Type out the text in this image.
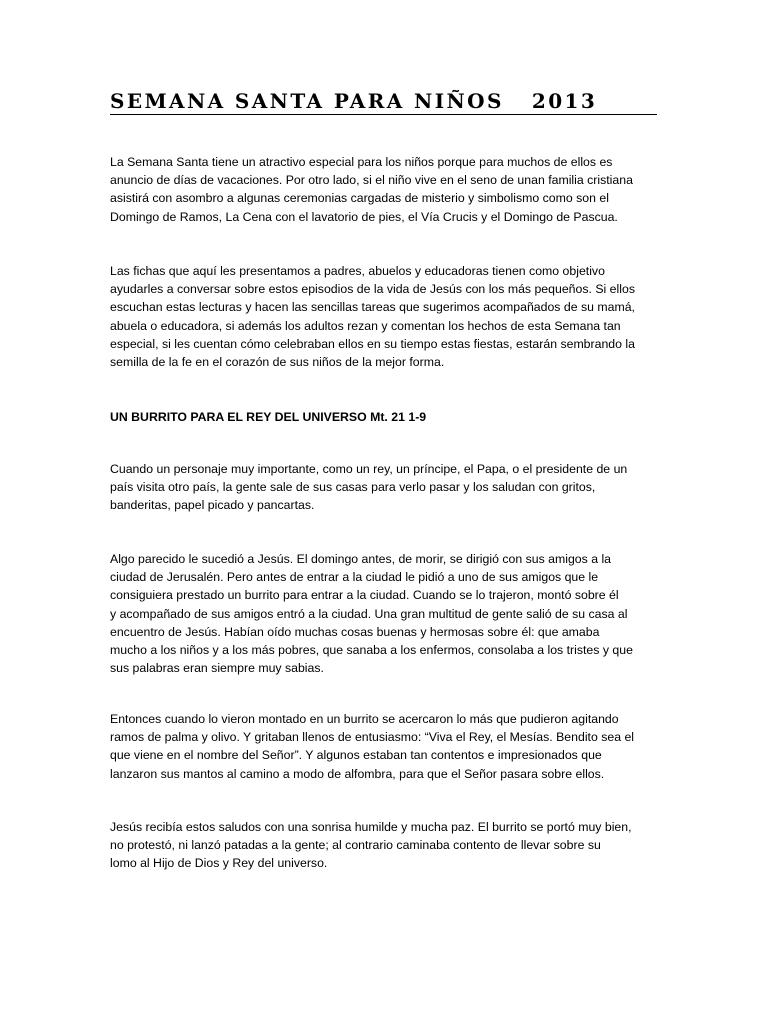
SEMANA SANTA PARA NIÑOS   2013

La Semana Santa tiene un atractivo especial para los niños porque para muchos de ellos es
anuncio de días de vacaciones. Por otro lado, si el niño vive en el seno de unan familia cristiana
asistirá con asombro a algunas ceremonias cargadas de misterio y simbolismo como son el
Domingo de Ramos, La Cena con el lavatorio de pies, el Vía Crucis y el Domingo de Pascua.

Las fichas que aquí les presentamos a padres, abuelos y educadoras tienen como objetivo
ayudarles a conversar sobre estos episodios de la vida de Jesús con los más pequeños. Si ellos
escuchan estas lecturas y hacen las sencillas tareas que sugerimos acompañados de su mamá,
abuela o educadora, si además los adultos rezan y comentan los hechos de esta Semana tan
especial, si les cuentan cómo celebraban ellos en su tiempo estas fiestas, estarán sembrando la
semilla de la fe en el corazón de sus niños de la mejor forma.

UN BURRITO PARA EL REY DEL UNIVERSO Mt. 21 1-9

Cuando un personaje muy importante, como un rey, un príncipe, el Papa, o el presidente de un
país visita otro país, la gente sale de sus casas para verlo pasar y los saludan con gritos,
banderitas, papel picado y pancartas.

Algo parecido le sucedió a Jesús. El domingo antes, de morir, se dirigió con sus amigos a la
ciudad de Jerusalén. Pero antes de entrar a la ciudad le pidió a uno de sus amigos que le
consiguiera prestado un burrito para entrar a la ciudad. Cuando se lo trajeron, montó sobre él
y acompañado de sus amigos entró a la ciudad. Una gran multitud de gente salió de su casa al
encuentro de Jesús. Habían oído muchas cosas buenas y hermosas sobre él: que amaba
mucho a los niños y a los más pobres, que sanaba a los enfermos, consolaba a los tristes y que
sus palabras eran siempre muy sabias.

Entonces cuando lo vieron montado en un burrito se acercaron lo más que pudieron agitando
ramos de palma y olivo. Y gritaban llenos de entusiasmo: “Viva el Rey, el Mesías. Bendito sea el
que viene en el nombre del Señor”. Y algunos estaban tan contentos e impresionados que
lanzaron sus mantos al camino a modo de alfombra, para que el Señor pasara sobre ellos.

Jesús recibía estos saludos con una sonrisa humilde y mucha paz. El burrito se portó muy bien,
no protestó, ni lanzó patadas a la gente; al contrario caminaba contento de llevar sobre su
lomo al Hijo de Dios y Rey del universo.
